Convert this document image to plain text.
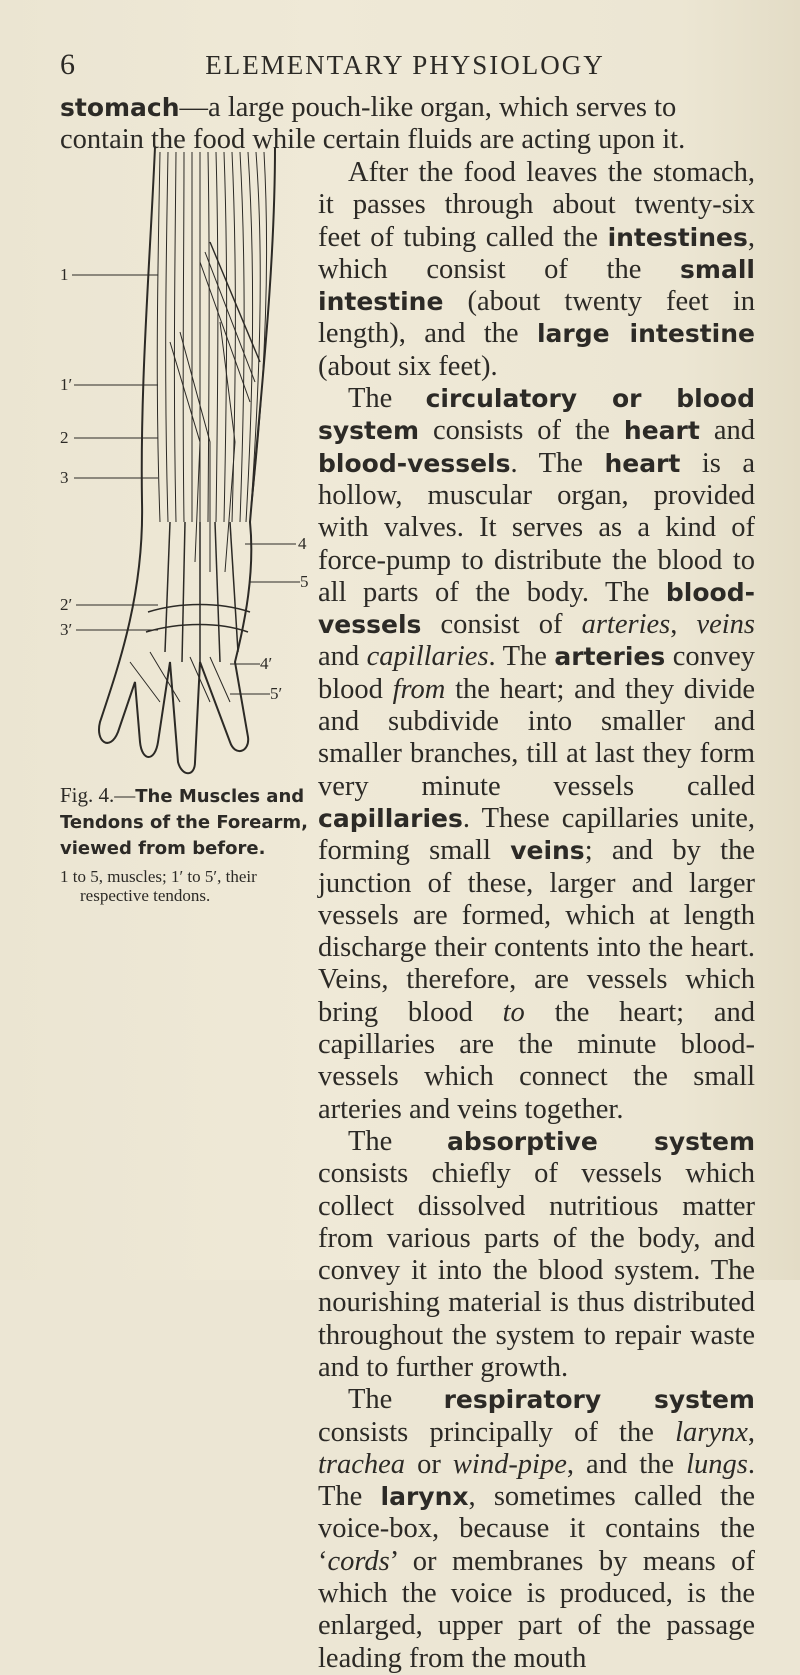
6	ELEMENTARY PHYSIOLOGY
stomach—a large pouch-like organ, which serves to contain the food while certain fluids are acting upon it.
1
1′
2
3
4
5
2′
3′
4′
5′
Fig. 4.—The Muscles and Tendons of the Forearm, viewed from before.
1 to 5, muscles; 1′ to 5′, their respective tendons.

After the food leaves the stomach, it passes through about twenty-six feet of tubing called the intestines, which consist of the small intestine (about twenty feet in length), and the large intestine (about six feet).

The circulatory or blood system consists of the heart and blood-vessels. The heart is a hollow, muscular organ, provided with valves. It serves as a kind of force-pump to distribute the blood to all parts of the body. The blood-vessels consist of arteries, veins and capillaries. The arteries convey blood from the heart; and they divide and subdivide into smaller and smaller branches, till at last they form very minute vessels called capillaries. These capillaries unite, forming small veins; and by the junction of these, larger and larger vessels are formed, which at length discharge their contents into the heart. Veins, therefore, are vessels which bring blood to the heart; and capillaries are the minute blood-vessels which connect the small arteries and veins together.

The absorptive system consists chiefly of vessels which collect dissolved nutritious matter from various parts of the body, and convey it into the blood system. The nourishing material is thus distributed throughout the system to repair waste and to further growth.

The respiratory system consists principally of the larynx, trachea or wind-pipe, and the lungs. The larynx, sometimes called the voice-box, because it contains the ‘cords’ or membranes by means of which the voice is produced, is the enlarged, upper part of the passage leading from the mouth
